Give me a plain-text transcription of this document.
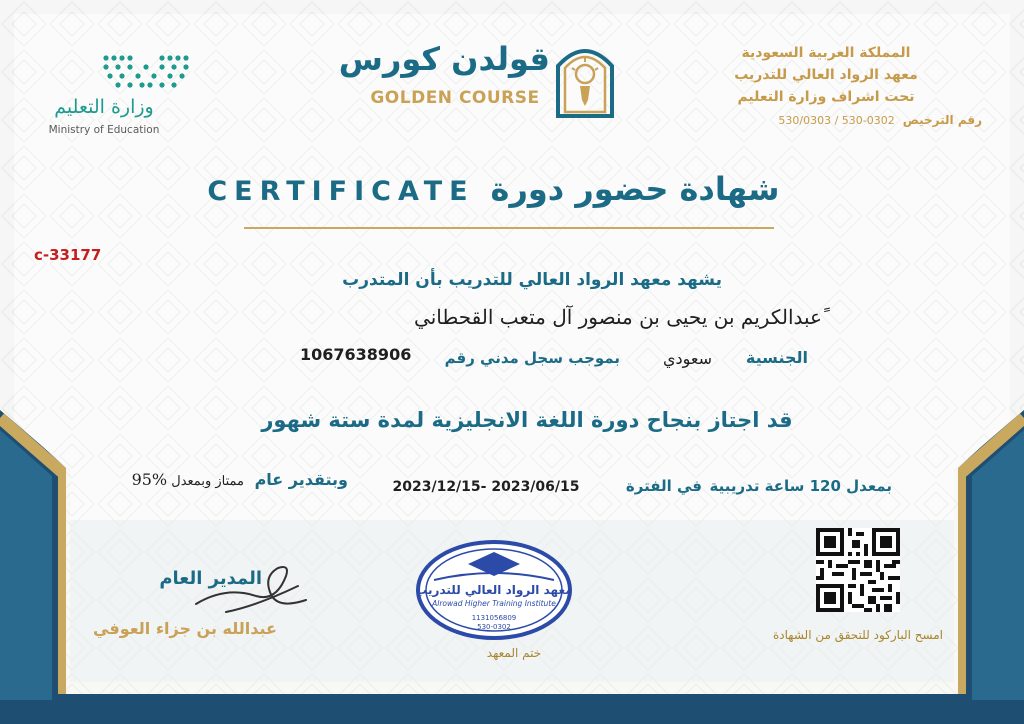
وزارة التعليم
Ministry of Education
قولدن كورس
GOLDEN COURSE
المملكة العربية السعودية
معهد الرواد العالي للتدريب
تحت اشراف وزارة التعليم
رقم الترخيص530/0303 / 530-0302
CERTIFICATE شهادة حضور دورة
c-33177
يشهد معهد الرواد العالي للتدريب بأن المتدرب
ًعبدالكريم بن يحيى بن منصور آل متعب القحطاني
الجنسية
سعودي
بموجب سجل مدني رقم
1067638906
قد اجتاز بنجاح دورة اللغة الانجليزية لمدة ستة شهور
بمعدل 120 ساعة تدريبية
في الفترة
2023/12/15- 2023/06/15
وبتقدير عام
ممتاز وبمعدل 95%
امسح الباركود للتحقق من الشهادة
معهد الرواد العالي للتدريب
Alrowad Higher Training Institute
1131056809
530-0302
ختم المعهد
المدير العام
عبدالله بن جزاء العوفي
